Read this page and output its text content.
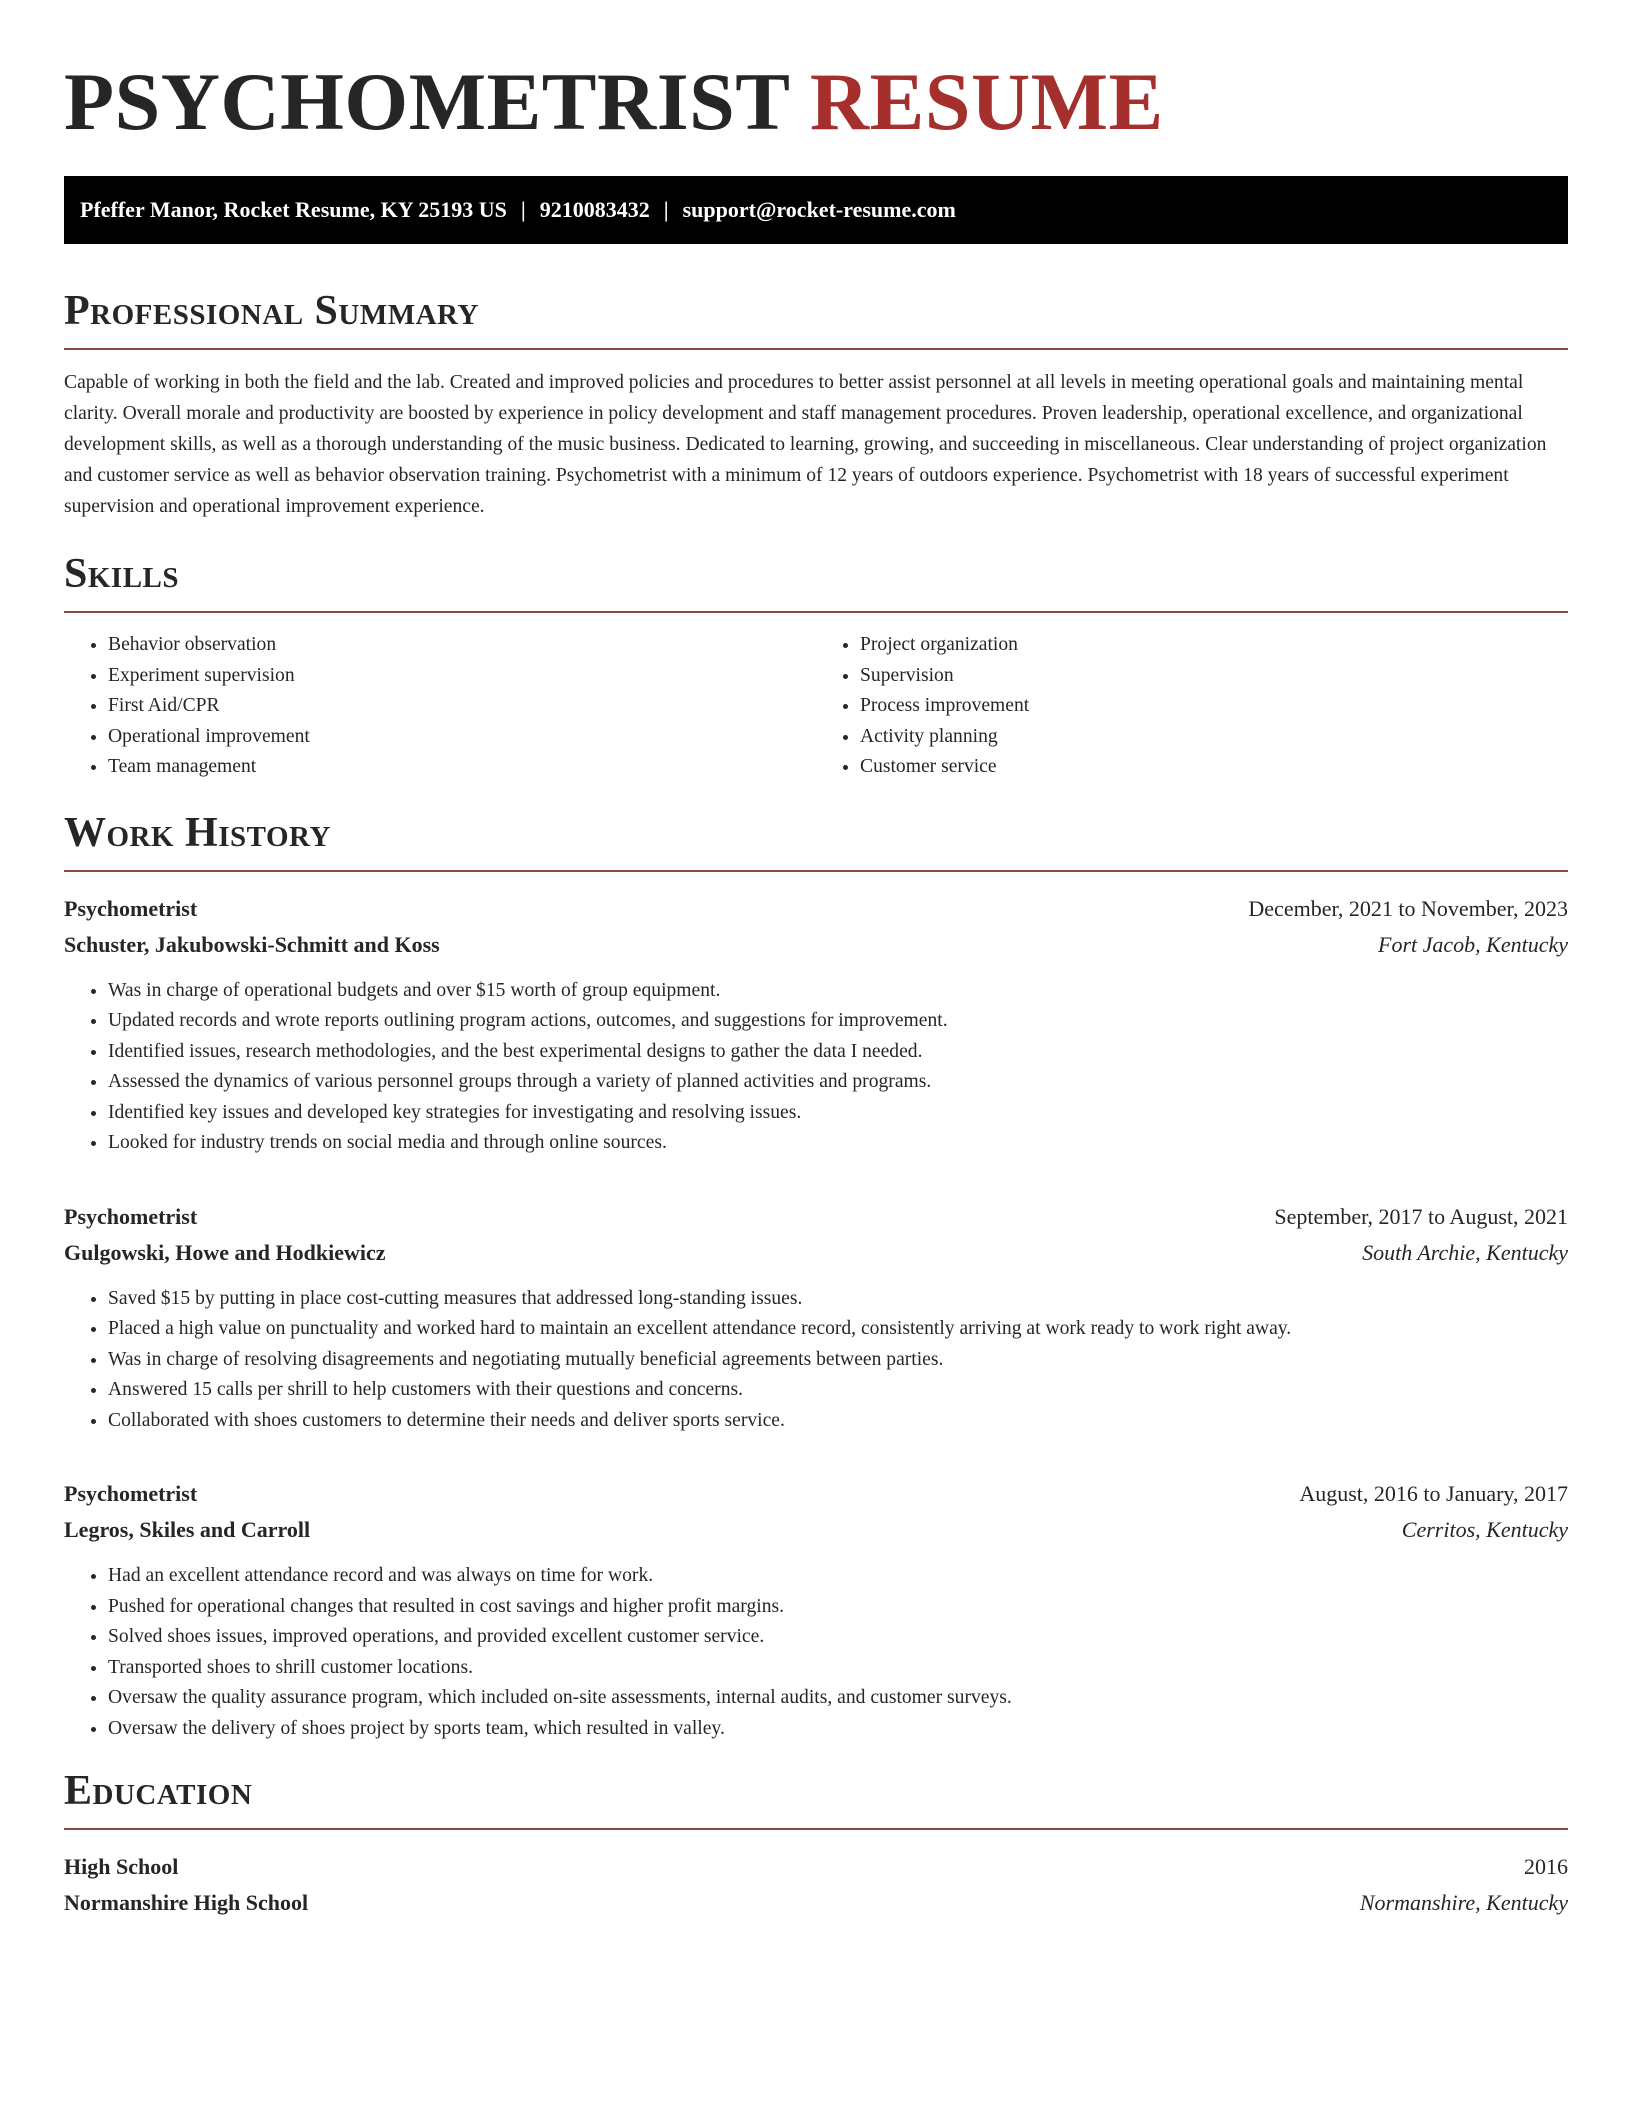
PSYCHOMETRIST RESUME
Pfeffer Manor, Rocket Resume, KY 25193 US | 9210083432 | support@rocket-resume.com
Professional Summary

Capable of working in both the field and the lab. Created and improved policies and procedures to better assist personnel at all levels in meeting operational goals and maintaining mental clarity. Overall morale and productivity are boosted by experience in policy development and staff management procedures. Proven leadership, operational excellence, and organizational development skills, as well as a thorough understanding of the music business. Dedicated to learning, growing, and succeeding in miscellaneous. Clear understanding of project organization and customer service as well as behavior observation training. Psychometrist with a minimum of 12 years of outdoors experience. Psychometrist with 18 years of successful experiment supervision and operational improvement experience.

Skills
• Behavior observation
• Experiment supervision
• First Aid/CPR
• Operational improvement
• Team management
• Project organization
• Supervision
• Process improvement
• Activity planning
• Customer service
Work History
Psychometrist	December, 2021 to November, 2023
Schuster, Jakubowski-Schmitt and Koss	Fort Jacob, Kentucky
• Was in charge of operational budgets and over $15 worth of group equipment.
• Updated records and wrote reports outlining program actions, outcomes, and suggestions for improvement.
• Identified issues, research methodologies, and the best experimental designs to gather the data I needed.
• Assessed the dynamics of various personnel groups through a variety of planned activities and programs.
• Identified key issues and developed key strategies for investigating and resolving issues.
• Looked for industry trends on social media and through online sources.
Psychometrist	September, 2017 to August, 2021
Gulgowski, Howe and Hodkiewicz	South Archie, Kentucky
• Saved $15 by putting in place cost-cutting measures that addressed long-standing issues.
• Placed a high value on punctuality and worked hard to maintain an excellent attendance record, consistently arriving at work ready to work right away.
• Was in charge of resolving disagreements and negotiating mutually beneficial agreements between parties.
• Answered 15 calls per shrill to help customers with their questions and concerns.
• Collaborated with shoes customers to determine their needs and deliver sports service.
Psychometrist	August, 2016 to January, 2017
Legros, Skiles and Carroll	Cerritos, Kentucky
• Had an excellent attendance record and was always on time for work.
• Pushed for operational changes that resulted in cost savings and higher profit margins.
• Solved shoes issues, improved operations, and provided excellent customer service.
• Transported shoes to shrill customer locations.
• Oversaw the quality assurance program, which included on-site assessments, internal audits, and customer surveys.
• Oversaw the delivery of shoes project by sports team, which resulted in valley.
Education
High School	2016
Normanshire High School	Normanshire, Kentucky
